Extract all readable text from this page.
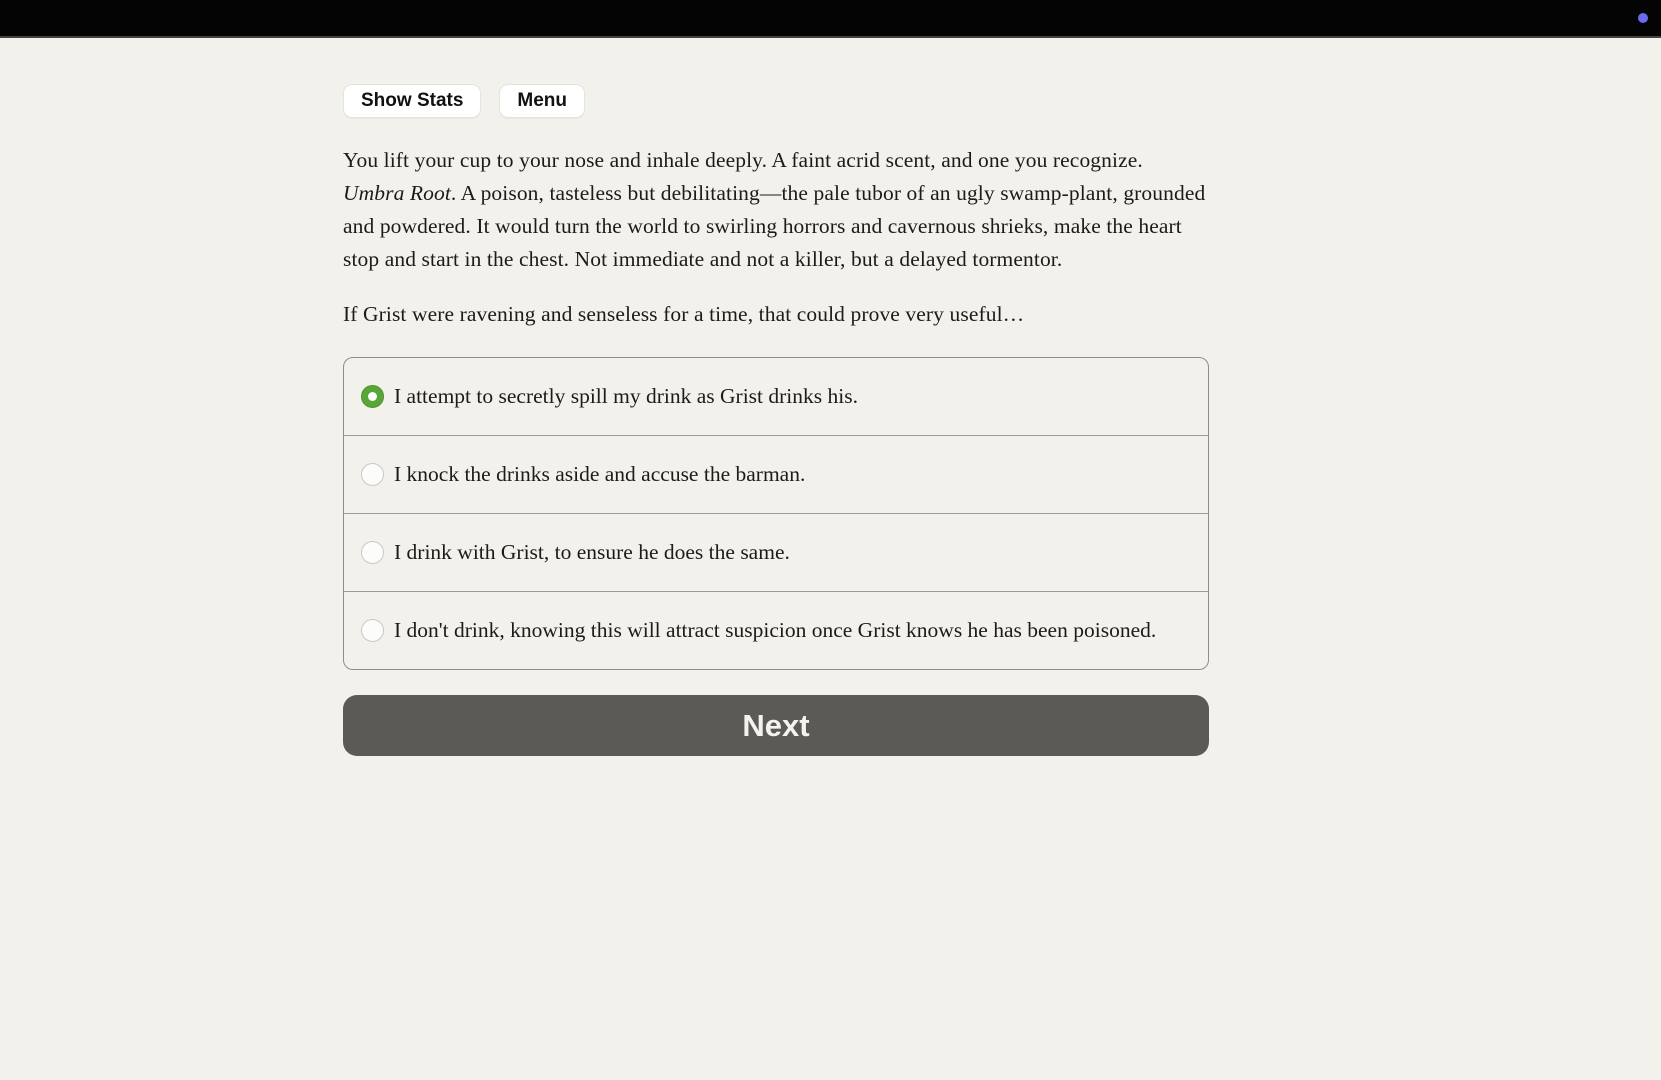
Show Stats	Menu

You lift your cup to your nose and inhale deeply. A faint acrid scent, and one you recognize. Umbra Root. A poison, tasteless but debilitating—the pale tubor of an ugly swamp-plant, grounded and powdered. It would turn the world to swirling horrors and cavernous shrieks, make the heart stop and start in the chest. Not immediate and not a killer, but a delayed tormentor.

If Grist were ravening and senseless for a time, that could prove very useful…

I attempt to secretly spill my drink as Grist drinks his.
I knock the drinks aside and accuse the barman.
I drink with Grist, to ensure he does the same.
I don't drink, knowing this will attract suspicion once Grist knows he has been poisoned.
Next
